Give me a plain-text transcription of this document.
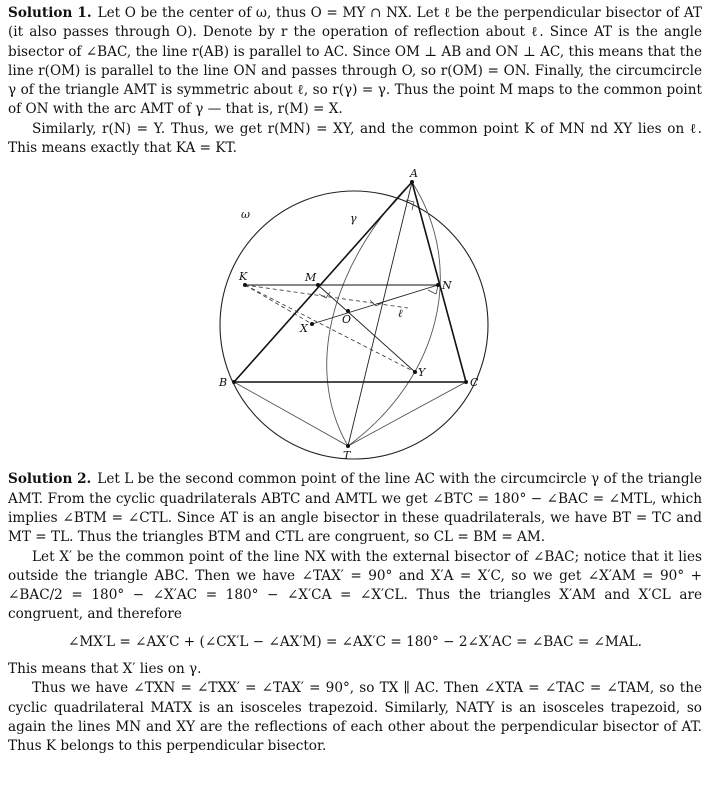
Solution 1. Let O be the center of ω, thus O = MY ∩ NX. Let ℓ be the perpendicular bisector of AT (it also passes through O). Denote by r the operation of reflection about ℓ. Since AT is the angle bisector of ∠BAC, the line r(AB) is parallel to AC. Since OM ⊥ AB and ON ⊥ AC, this means that the line r(OM) is parallel to the line ON and passes through O, so r(OM) = ON. Finally, the circumcircle γ of the triangle AMT is symmetric about ℓ, so r(γ) = γ. Thus the point M maps to the common point of ON with the arc AMT of γ — that is, r(M) = X.

Similarly, r(N) = Y. Thus, we get r(MN) = XY, and the common point K of MN nd XY lies on ℓ. This means exactly that KA = KT.

A
B	C
T
M
N
K
O
X
Y
ω	γ
ℓ

Solution 2. Let L be the second common point of the line AC with the circumcircle γ of the triangle AMT. From the cyclic quadrilaterals ABTC and AMTL we get ∠BTC = 180° − ∠BAC = ∠MTL, which implies ∠BTM = ∠CTL. Since AT is an angle bisector in these quadrilaterals, we have BT = TC and MT = TL. Thus the triangles BTM and CTL are congruent, so CL = BM = AM.

Let X′ be the common point of the line NX with the external bisector of ∠BAC; notice that it lies outside the triangle ABC. Then we have ∠TAX′ = 90° and X′A = X′C, so we get ∠X′AM = 90° + ∠BAC/2 = 180° − ∠X′AC = 180° − ∠X′CA = ∠X′CL. Thus the triangles X′AM and X′CL are congruent, and therefore

∠MX′L = ∠AX′C + (∠CX′L − ∠AX′M) = ∠AX′C = 180° − 2∠X′AC = ∠BAC = ∠MAL.

This means that X′ lies on γ.

Thus we have ∠TXN = ∠TXX′ = ∠TAX′ = 90°, so TX ∥ AC. Then ∠XTA = ∠TAC = ∠TAM, so the cyclic quadrilateral MATX is an isosceles trapezoid. Similarly, NATY is an isosceles trapezoid, so again the lines MN and XY are the reflections of each other about the perpendicular bisector of AT. Thus K belongs to this perpendicular bisector.
